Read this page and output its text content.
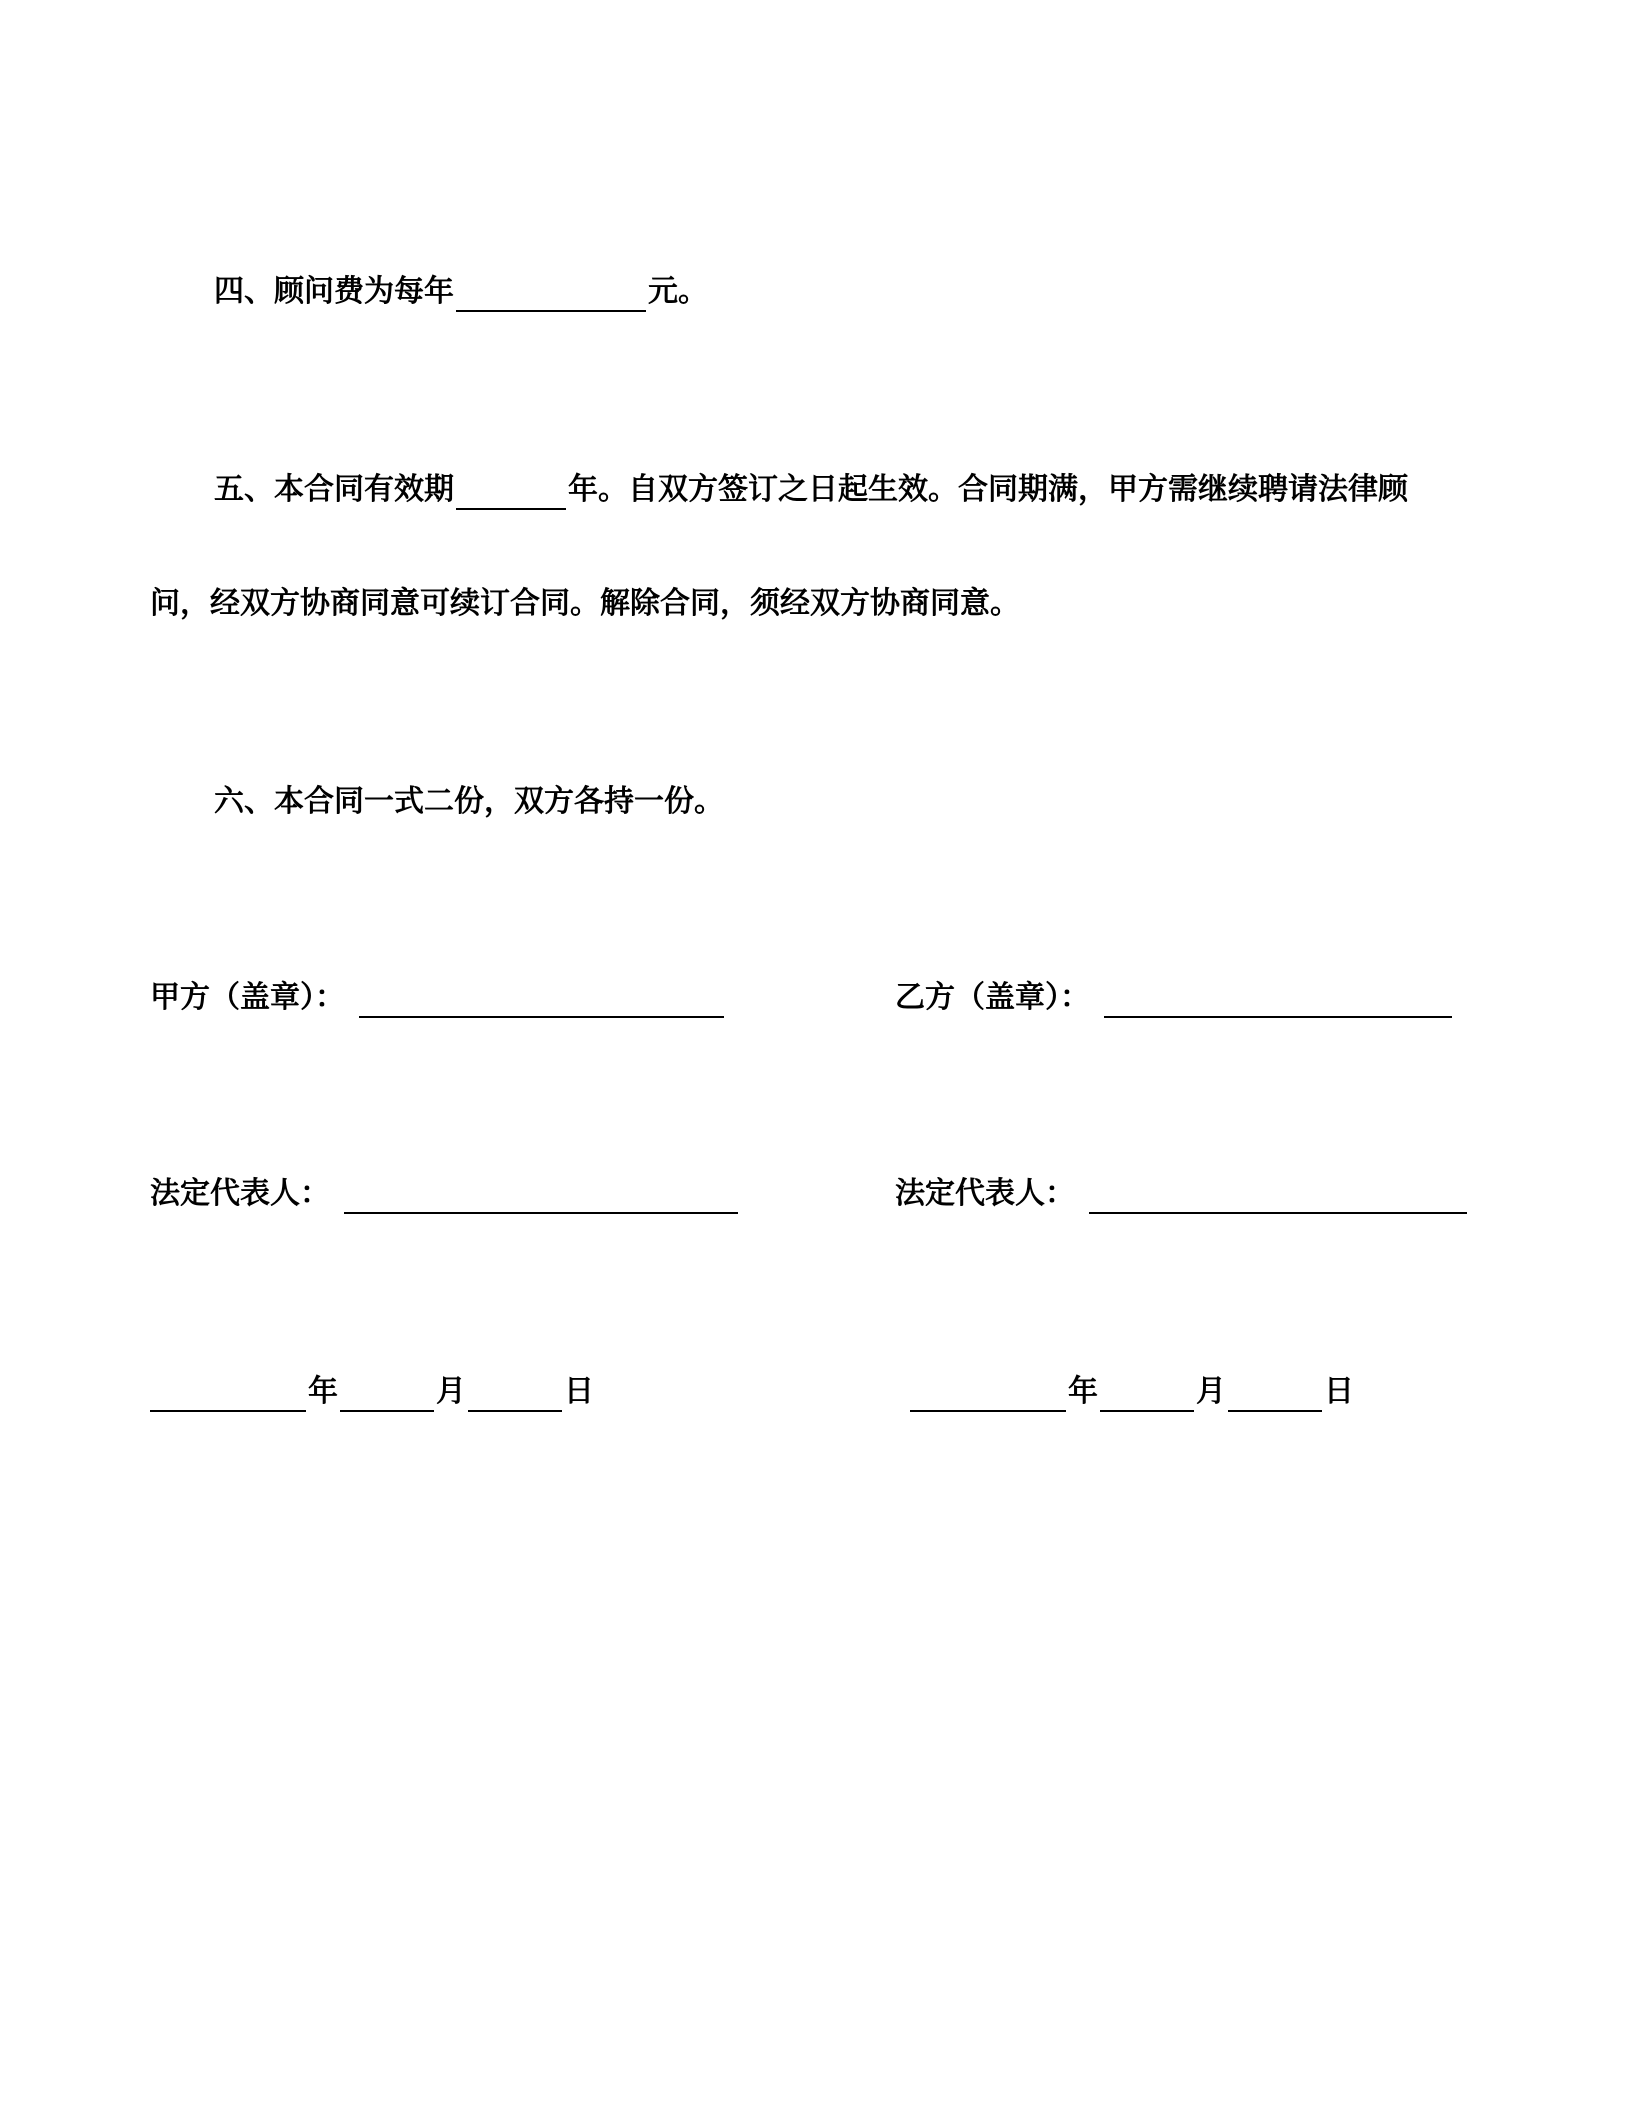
四、顾问费为每年	元。
五、本合同有效期	年。自双方签订之日起生效。合同期满，甲方需继续聘请法律顾
问，经双方协商同意可续订合同。解除合同，须经双方协商同意。
六、本合同一式二份，双方各持一份。
甲方（盖章）：	乙方（盖章）：
法定代表人：	法定代表人：
年	月	日	年	月	日
